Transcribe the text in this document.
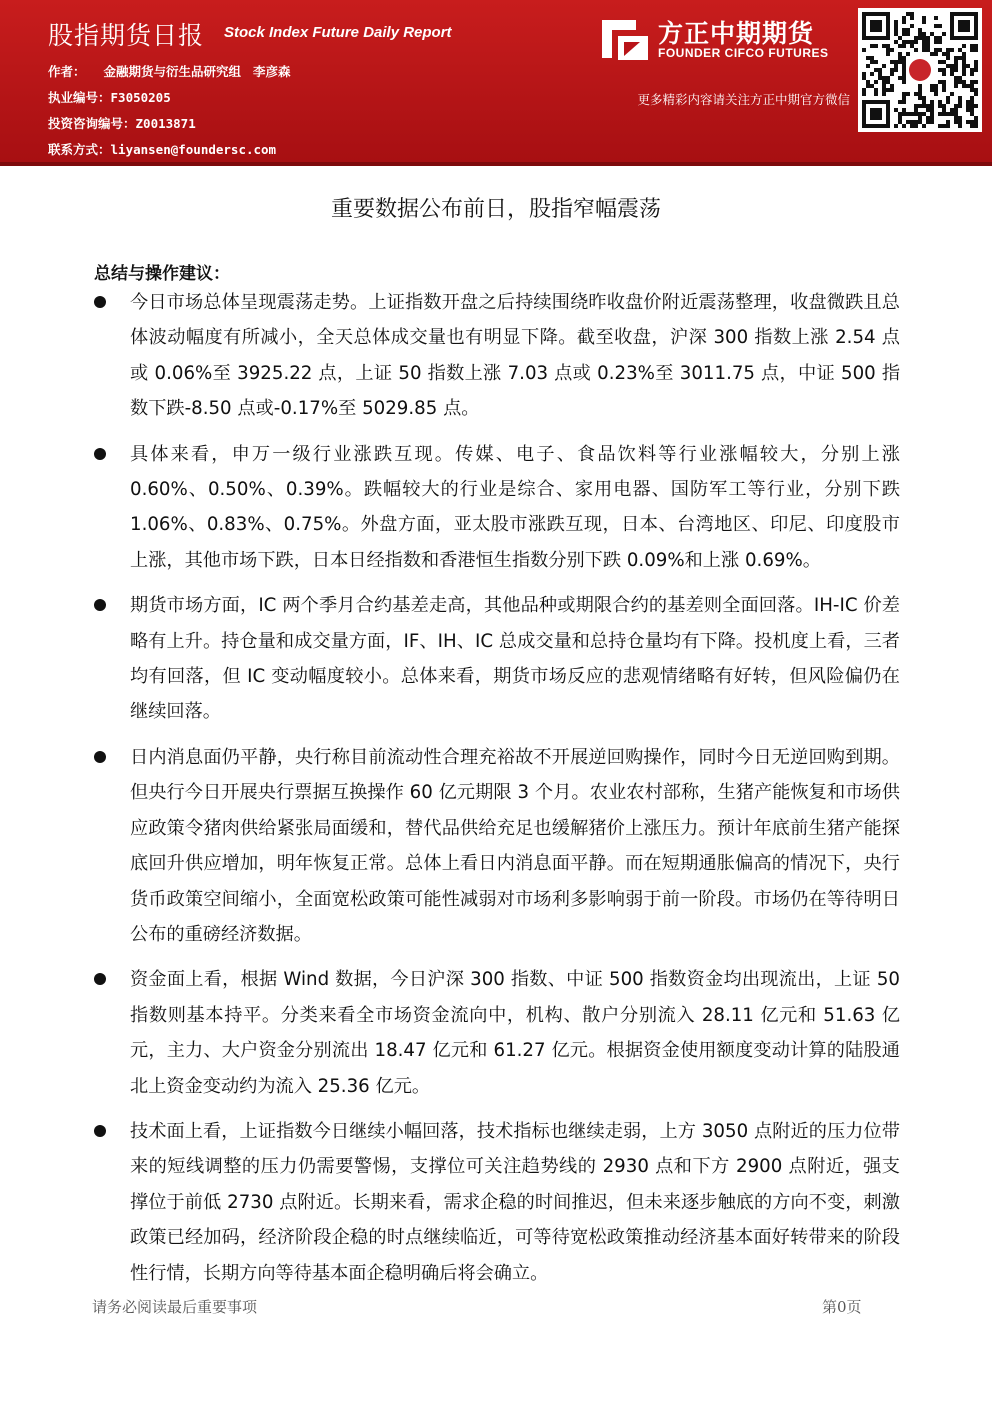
股指期货日报 Stock Index Future Daily Report
作者： 金融期货与衍生品研究组 李彦森
执业编号：F3050205
投资咨询编号：Z0013871
联系方式：liyansen@foundersc.com
方正中期期货
FOUNDER CIFCO FUTURES
更多精彩内容请关注方正中期官方微信
重要数据公布前日，股指窄幅震荡
总结与操作建议：
今日市场总体呈现震荡走势。上证指数开盘之后持续围绕昨收盘价附近震荡整理，收盘微跌且总体波动幅度有所减小，全天总体成交量也有明显下降。截至收盘，沪深 300 指数上涨 2.54 点或 0.06%至 3925.22 点，上证 50 指数上涨 7.03 点或 0.23%至 3011.75 点，中证 500 指数下跌-8.50 点或-0.17%至 5029.85 点。
具体来看，申万一级行业涨跌互现。传媒、电子、食品饮料等行业涨幅较大，分别上涨 0.60%、0.50%、0.39%。跌幅较大的行业是综合、家用电器、国防军工等行业，分别下跌 1.06%、0.83%、0.75%。外盘方面，亚太股市涨跌互现，日本、台湾地区、印尼、印度股市上涨，其他市场下跌，日本日经指数和香港恒生指数分别下跌 0.09%和上涨 0.69%。
期货市场方面，IC 两个季月合约基差走高，其他品种或期限合约的基差则全面回落。IH-IC 价差略有上升。持仓量和成交量方面，IF、IH、IC 总成交量和总持仓量均有下降。投机度上看，三者均有回落，但 IC 变动幅度较小。总体来看，期货市场反应的悲观情绪略有好转，但风险偏仍在继续回落。
日内消息面仍平静，央行称目前流动性合理充裕故不开展逆回购操作，同时今日无逆回购到期。但央行今日开展央行票据互换操作 60 亿元期限 3 个月。农业农村部称，生猪产能恢复和市场供应政策令猪肉供给紧张局面缓和，替代品供给充足也缓解猪价上涨压力。预计年底前生猪产能探底回升供应增加，明年恢复正常。总体上看日内消息面平静。而在短期通胀偏高的情况下，央行货币政策空间缩小，全面宽松政策可能性减弱对市场利多影响弱于前一阶段。市场仍在等待明日公布的重磅经济数据。
资金面上看，根据 Wind 数据，今日沪深 300 指数、中证 500 指数资金均出现流出，上证 50 指数则基本持平。分类来看全市场资金流向中，机构、散户分别流入 28.11 亿元和 51.63 亿元，主力、大户资金分别流出 18.47 亿元和 61.27 亿元。根据资金使用额度变动计算的陆股通北上资金变动约为流入 25.36 亿元。
技术面上看，上证指数今日继续小幅回落，技术指标也继续走弱，上方 3050 点附近的压力位带来的短线调整的压力仍需要警惕，支撑位可关注趋势线的 2930 点和下方 2900 点附近，强支撑位于前低 2730 点附近。长期来看，需求企稳的时间推迟，但未来逐步触底的方向不变，刺激政策已经加码，经济阶段企稳的时点继续临近，可等待宽松政策推动经济基本面好转带来的阶段性行情，长期方向等待基本面企稳明确后将会确立。
请务必阅读最后重要事项	第0页
